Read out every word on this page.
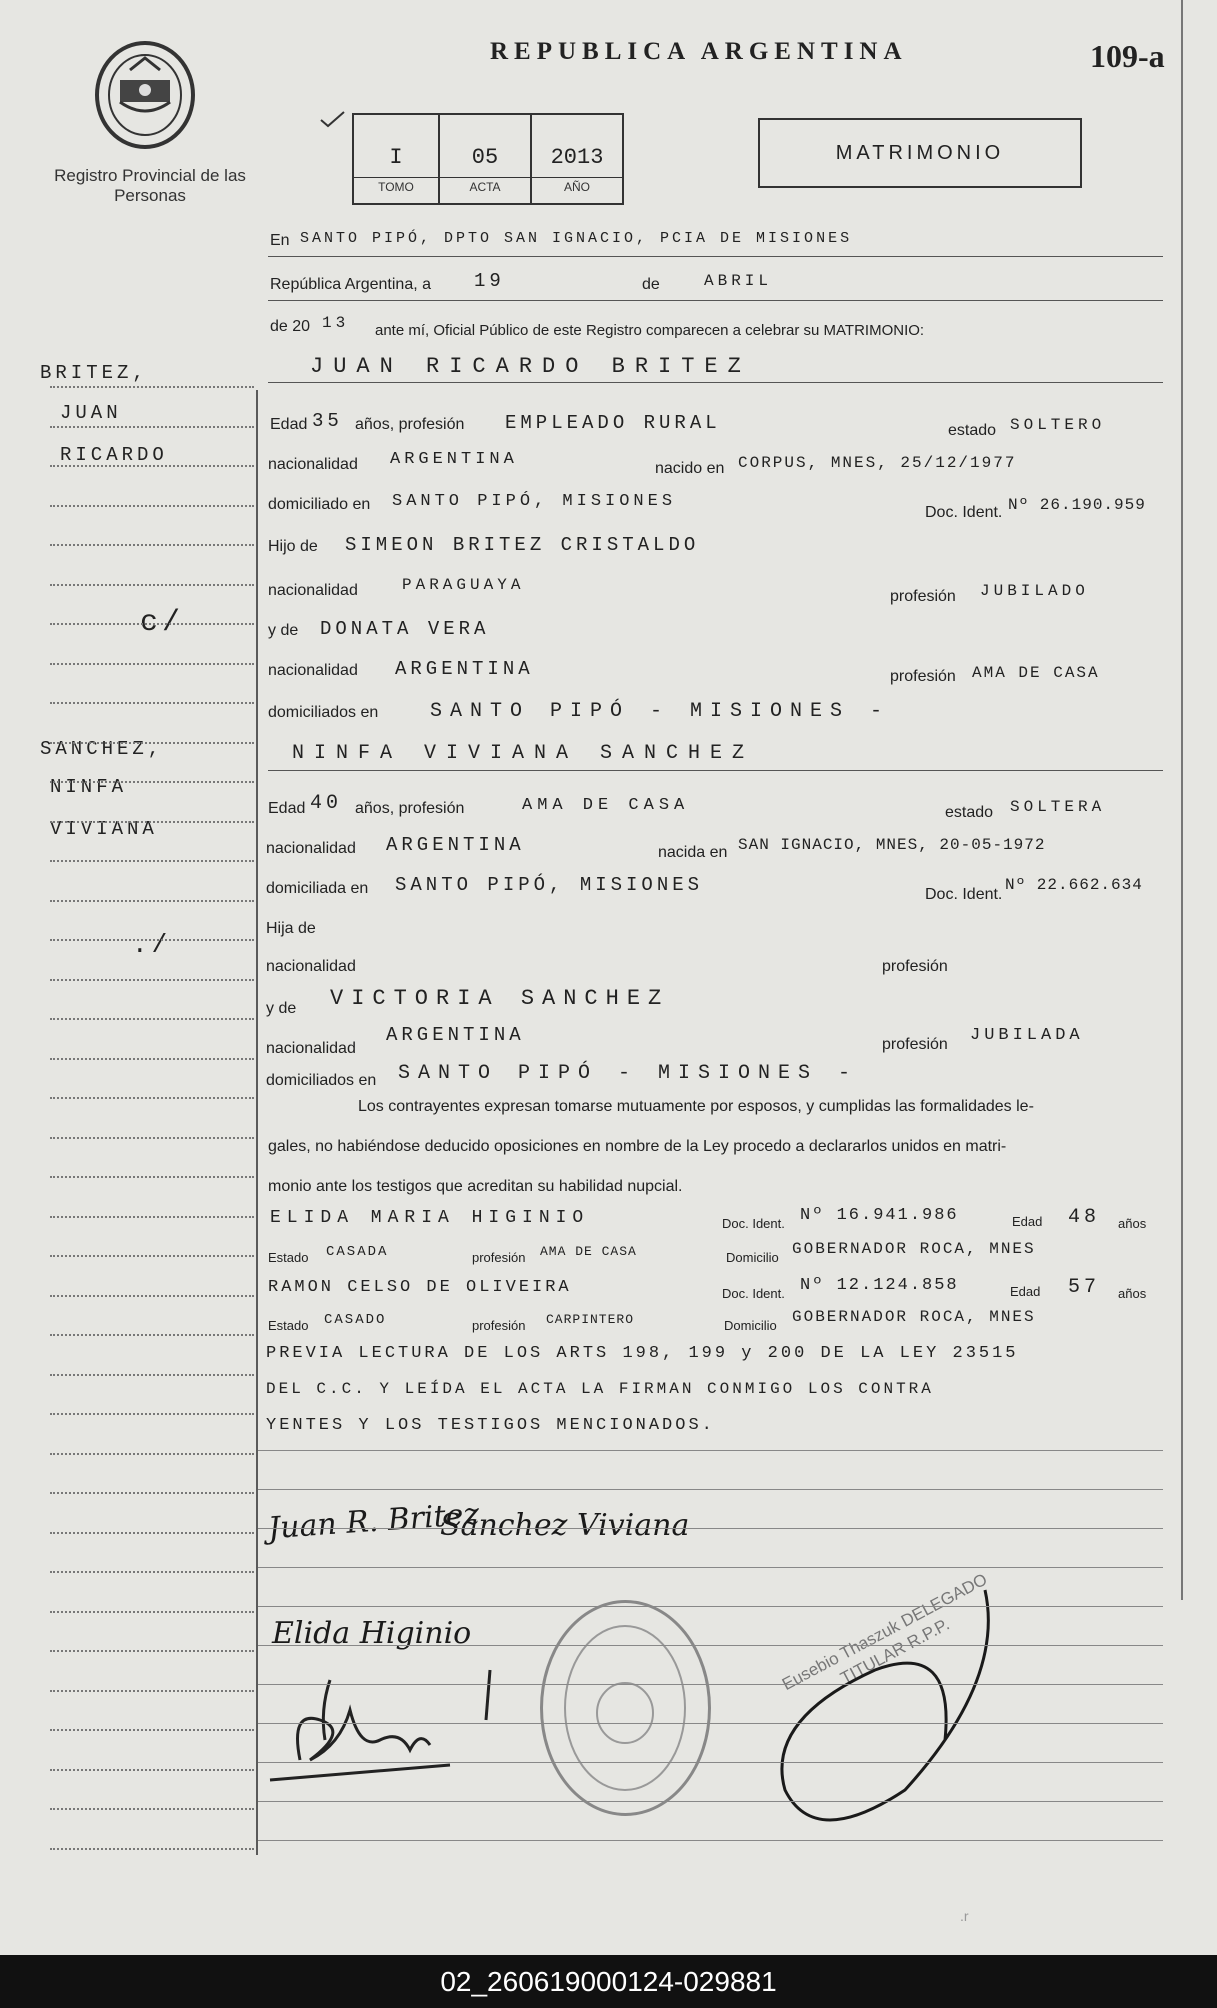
Registro Provincial de las Personas
REPUBLICA ARGENTINA	109-a
I
TOMO
05
ACTA
2013
AÑO
MATRIMONIO
BRITEZ,
JUAN
RICARDO
c/
SANCHEZ,
NINFA
VIVIANA
./
En SANTO PIPÓ, DPTO SAN IGNACIO, PCIA DE MISIONES
República Argentina, a 19	de	ABRIL
de 20 13 ante mí, Oficial Público de este Registro comparecen a celebrar su MATRIMONIO:
JUAN RICARDO BRITEZ
Edad 35 años, profesión EMPLEADO RURAL	estado SOLTERO
nacionalidad ARGENTINA	nacido en CORPUS, MNES, 25/12/1977
domiciliado en SANTO PIPÓ, MISIONES
Doc. Ident. Nº 26.190.959
Hijo de SIMEON BRITEZ CRISTALDO
nacionalidad	PARAGUAYA
profesión JUBILADO
y de DONATA VERA
nacionalidad ARGENTINA	profesión AMA DE CASA
domiciliados en	SANTO PIPÓ - MISIONES -
NINFA VIVIANA SANCHEZ
Edad 40 años, profesión	AMA DE CASA	estado SOLTERA
nacionalidad ARGENTINA	nacida en SAN IGNACIO, MNES, 20-05-1972
domiciliada en SANTO PIPÓ, MISIONES	Doc. Ident.
Nº 22.662.634
Hija de
nacionalidad	profesión
y de VICTORIA SANCHEZ
nacionalidad
ARGENTINA	profesión JUBILADA
domiciliados en SANTO PIPÓ - MISIONES -
Los contrayentes expresan tomarse mutuamente por esposos, y cumplidas las formalidades le-
gales, no habiéndose deducido oposiciones en nombre de la Ley procedo a declararlos unidos en matri-
monio ante los testigos que acreditan su habilidad nupcial.
ELIDA MARIA HIGINIO	Doc. Ident. Nº 16.941.986	Edad 48 años
Estado CASADA	profesión AMA DE CASA	Domicilio GOBERNADOR ROCA, MNES
RAMON CELSO DE OLIVEIRA	Doc. Ident. Nº 12.124.858	Edad 57 años
Estado CASADO	profesión CARPINTERO	Domicilio GOBERNADOR ROCA, MNES
PREVIA LECTURA DE LOS ARTS 198, 199 y 200 DE LA LEY 23515
DEL C.C. Y LEÍDA EL ACTA LA FIRMAN CONMIGO LOS CONTRA
YENTES Y LOS TESTIGOS MENCIONADOS.
Juan R. Britez
Sanchez Viviana
Elida Higinio	Eusebio Thaszuk DELEGADO TITULAR R.P.P.
.r
02_260619000124-029881
